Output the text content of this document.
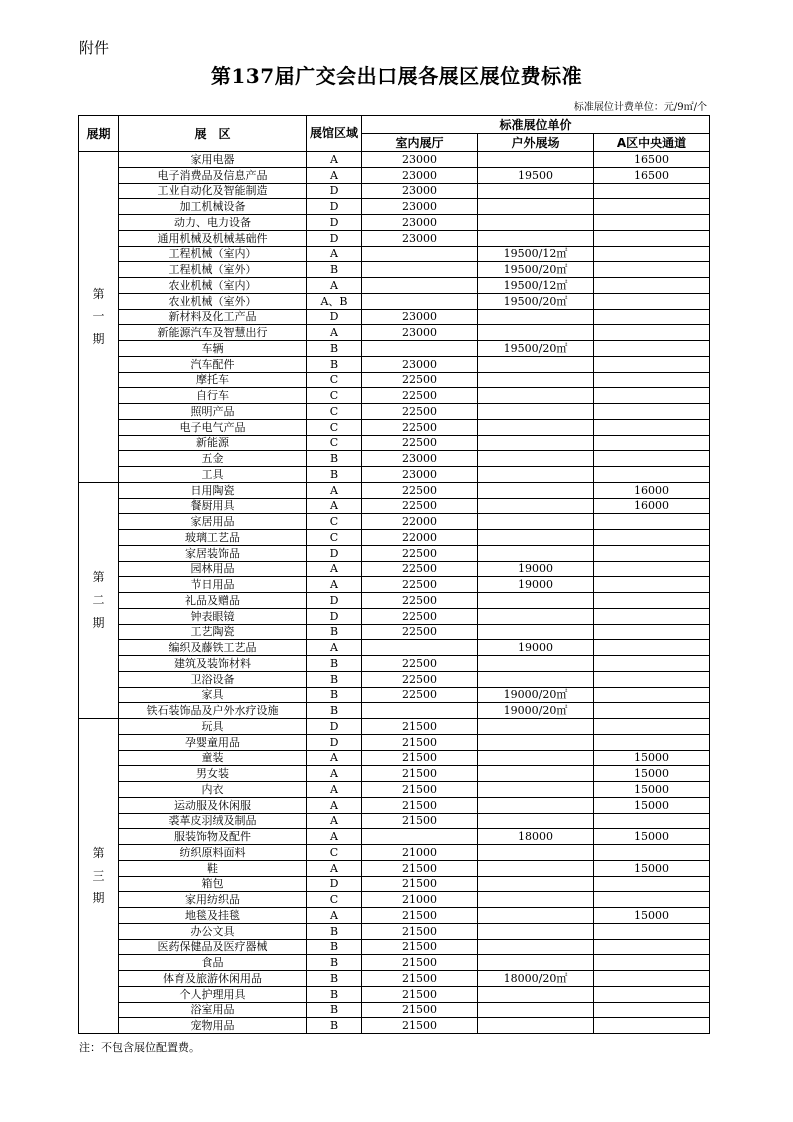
附件
第137届广交会出口展各展区展位费标准
标准展位计费单位：元/9㎡/个
展期	展　区	展馆区域	标准展位单价		
			室内展厅	户外展场	A区中央通道
第
一
期	家用电器	A	23000		16500
	电子消费品及信息产品	A	23000	19500	16500
	工业自动化及智能制造	D	23000		
	加工机械设备	D	23000		
	动力、电力设备	D	23000		
	通用机械及机械基础件	D	23000		
	工程机械（室内）	A		19500/12㎡	
	工程机械（室外）	B		19500/20㎡	
	农业机械（室内）	A		19500/12㎡	
	农业机械（室外）	A、B		19500/20㎡	
	新材料及化工产品	D	23000		
	新能源汽车及智慧出行	A	23000		
	车辆	B		19500/20㎡	
	汽车配件	B	23000		
	摩托车	C	22500		
	自行车	C	22500		
	照明产品	C	22500		
	电子电气产品	C	22500		
	新能源	C	22500		
	五金	B	23000		
	工具	B	23000		
第
二
期	日用陶瓷	A	22500		16000
	餐厨用具	A	22500		16000
	家居用品	C	22000		
	玻璃工艺品	C	22000		
	家居装饰品	D	22500		
	园林用品	A	22500	19000	
	节日用品	A	22500	19000	
	礼品及赠品	D	22500		
	钟表眼镜	D	22500		
	工艺陶瓷	B	22500		
	编织及藤铁工艺品	A		19000	
	建筑及装饰材料	B	22500		
	卫浴设备	B	22500		
	家具	B	22500	19000/20㎡	
	铁石装饰品及户外水疗设施	B		19000/20㎡	
第
三
期	玩具	D	21500		
	孕婴童用品	D	21500		
	童装	A	21500		15000
	男女装	A	21500		15000
	内衣	A	21500		15000
	运动服及休闲服	A	21500		15000
	裘革皮羽绒及制品	A	21500		
	服装饰物及配件	A		18000	15000
	纺织原料面料	C	21000		
	鞋	A	21500		15000
	箱包	D	21500		
	家用纺织品	C	21000		
	地毯及挂毯	A	21500		15000
	办公文具	B	21500		
	医药保健品及医疗器械	B	21500		
	食品	B	21500		
	体育及旅游休闲用品	B	21500	18000/20㎡	
	个人护理用具	B	21500		
	浴室用品	B	21500		
	宠物用品	B	21500		
注：不包含展位配置费。
